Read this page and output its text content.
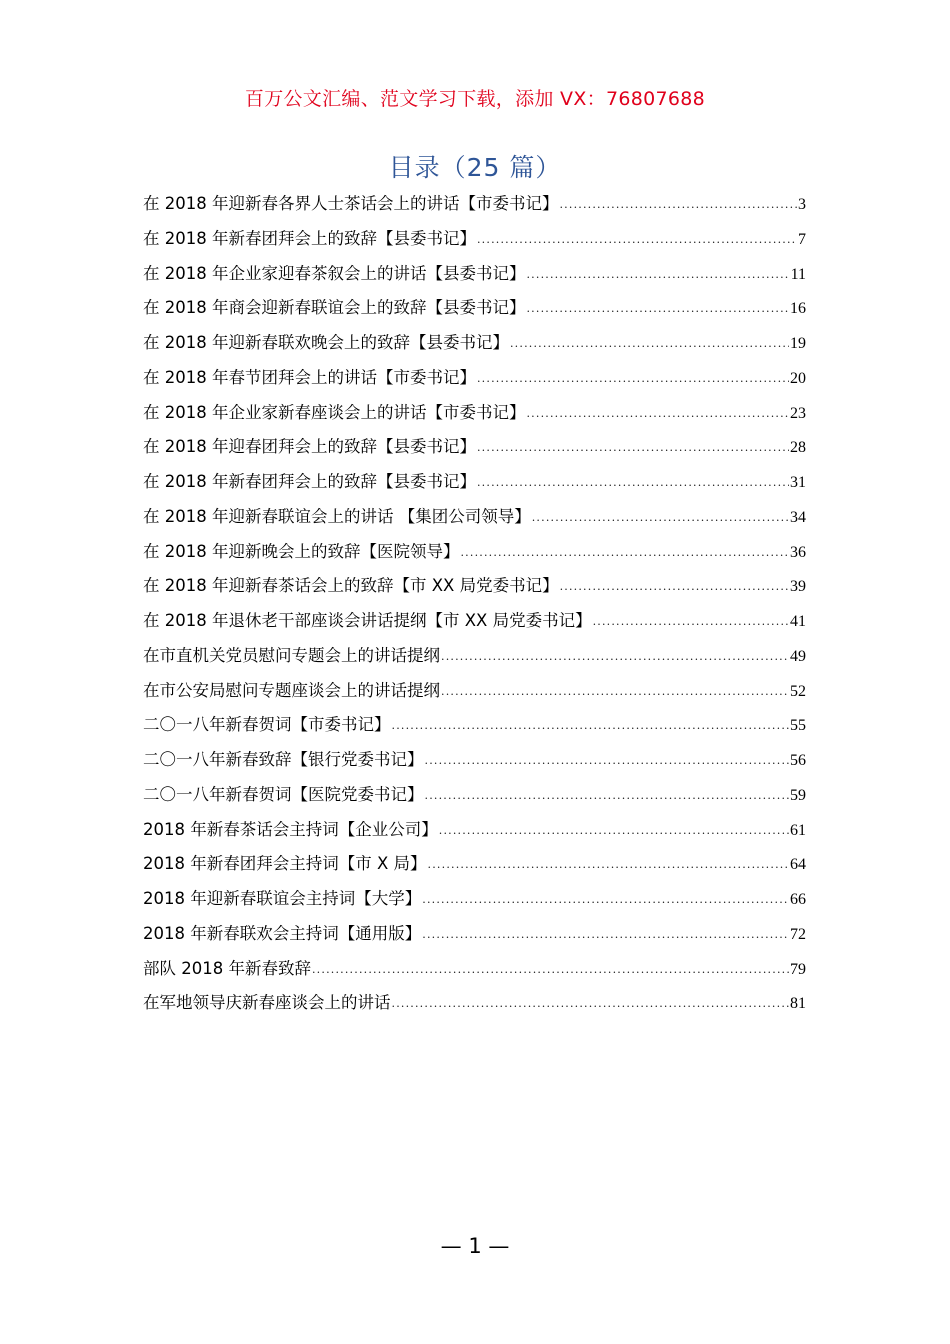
百万公文汇编、范文学习下载，添加 VX：76807688
目录（25 篇）
在 2018 年迎新春各界人士茶话会上的讲话【市委书记】 .....	3
在 2018 年新春团拜会上的致辞【县委书记】 .....	7
在 2018 年企业家迎春茶叙会上的讲话【县委书记】 .....	11
在 2018 年商会迎新春联谊会上的致辞【县委书记】 .....	16
在 2018 年迎新春联欢晚会上的致辞【县委书记】 .....	19
在 2018 年春节团拜会上的讲话【市委书记】 .....	20
在 2018 年企业家新春座谈会上的讲话【市委书记】 .....	23
在 2018 年迎春团拜会上的致辞【县委书记】 .....	28
在 2018 年新春团拜会上的致辞【县委书记】 .....	31
在 2018 年迎新春联谊会上的讲话 【集团公司领导】 .....	34
在 2018 年迎新晚会上的致辞【医院领导】 .....	36
在 2018 年迎新春茶话会上的致辞【市 XX 局党委书记】 .....	39
在 2018 年退休老干部座谈会讲话提纲【市 XX 局党委书记】 .....	41
在市直机关党员慰问专题会上的讲话提纲 .....	49
在市公安局慰问专题座谈会上的讲话提纲 .....	52
二〇一八年新春贺词【市委书记】 .....	55
二〇一八年新春致辞【银行党委书记】 .....	56
二〇一八年新春贺词【医院党委书记】 .....	59
2018 年新春茶话会主持词【企业公司】 .....	61
2018 年新春团拜会主持词【市 X 局】 .....	64
2018 年迎新春联谊会主持词【大学】 .....	66
2018 年新春联欢会主持词【通用版】 .....	72
部队 2018 年新春致辞 .....	79
在军地领导庆新春座谈会上的讲话 .....	81
— 1 —
